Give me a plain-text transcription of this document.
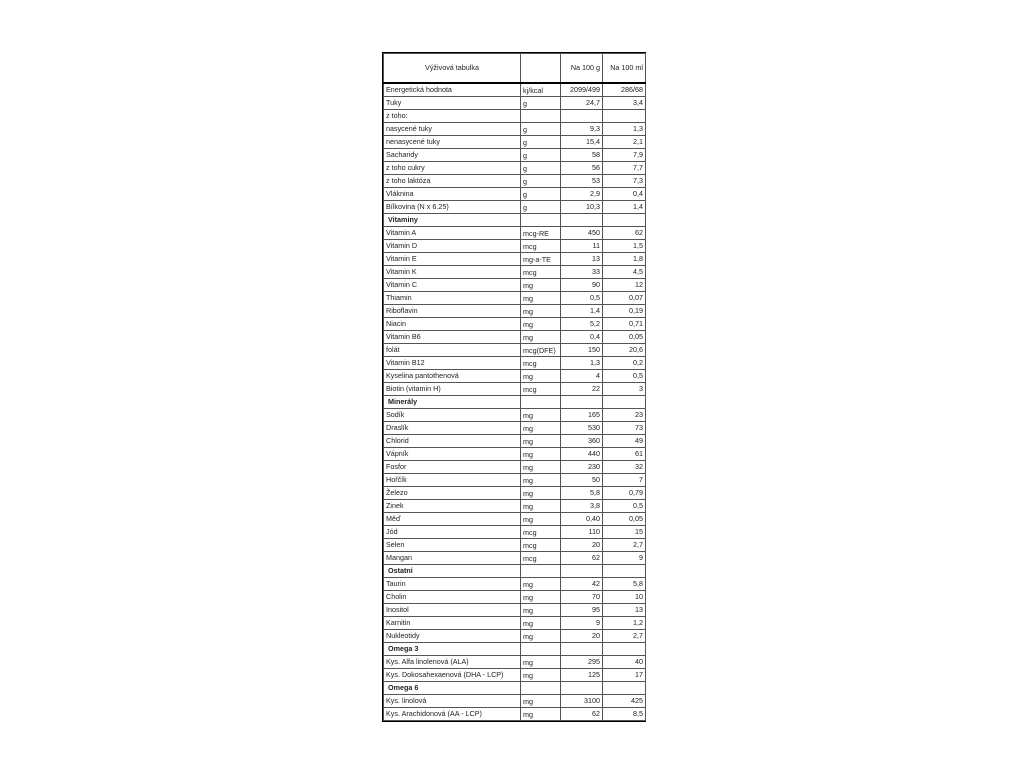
Výživová tabulka		Na 100 g	Na 100 ml
Energetická hodnota	kj/kcal	2099/499	286/68
Tuky	g	24,7	3,4
z toho:			
nasycené tuky	g	9,3	1,3
nenasycené tuky	g	15,4	2,1
Sacharidy	g	58	7,9
z toho cukry	g	56	7,7
z toho laktóza	g	53	7,3
Vláknina	g	2,9	0,4
Bílkovina (N x 6.25)	g	10,3	1,4
Vitaminy			
Vitamin A	mcg-RE	450	62
Vitamin D	mcg	11	1,5
Vitamin E	mg-a-TE	13	1,8
Vitamin K	mcg	33	4,5
Vitamin C	mg	90	12
Thiamin	mg	0,5	0,07
Riboflavin	mg	1,4	0,19
Niacin	mg	5,2	0,71
Vitamin B6	mg	0,4	0,05
folát	mcg(DFE)	150	20,6
Vitamin B12	mcg	1,3	0,2
Kyselina pantothenová	mg	4	0,5
Biotin (vitamin H)	mcg	22	3
Minerály			
Sodík	mg	165	23
Draslík	mg	530	73
Chlorid	mg	360	49
Vápník	mg	440	61
Fosfor	mg	230	32
Hořčík	mg	50	7
Železo	mg	5,8	0,79
Zinek	mg	3,8	0,5
Měď	mg	0,40	0,05
Jód	mcg	110	15
Selen	mcg	20	2,7
Mangan	mcg	62	9
Ostatní			
Taurin	mg	42	5,8
Cholin	mg	70	10
Inositol	mg	95	13
Karnitin	mg	9	1,2
Nukleotidy	mg	20	2,7
Omega 3			
Kys. Alfa linolenová (ALA)	mg	295	40
Kys. Dokosahexaenová (DHA - LCP)	mg	125	17
Omega 6			
Kys. linolová	mg	3100	425
Kys. Arachidonová (AA - LCP)	mg	62	8,5
